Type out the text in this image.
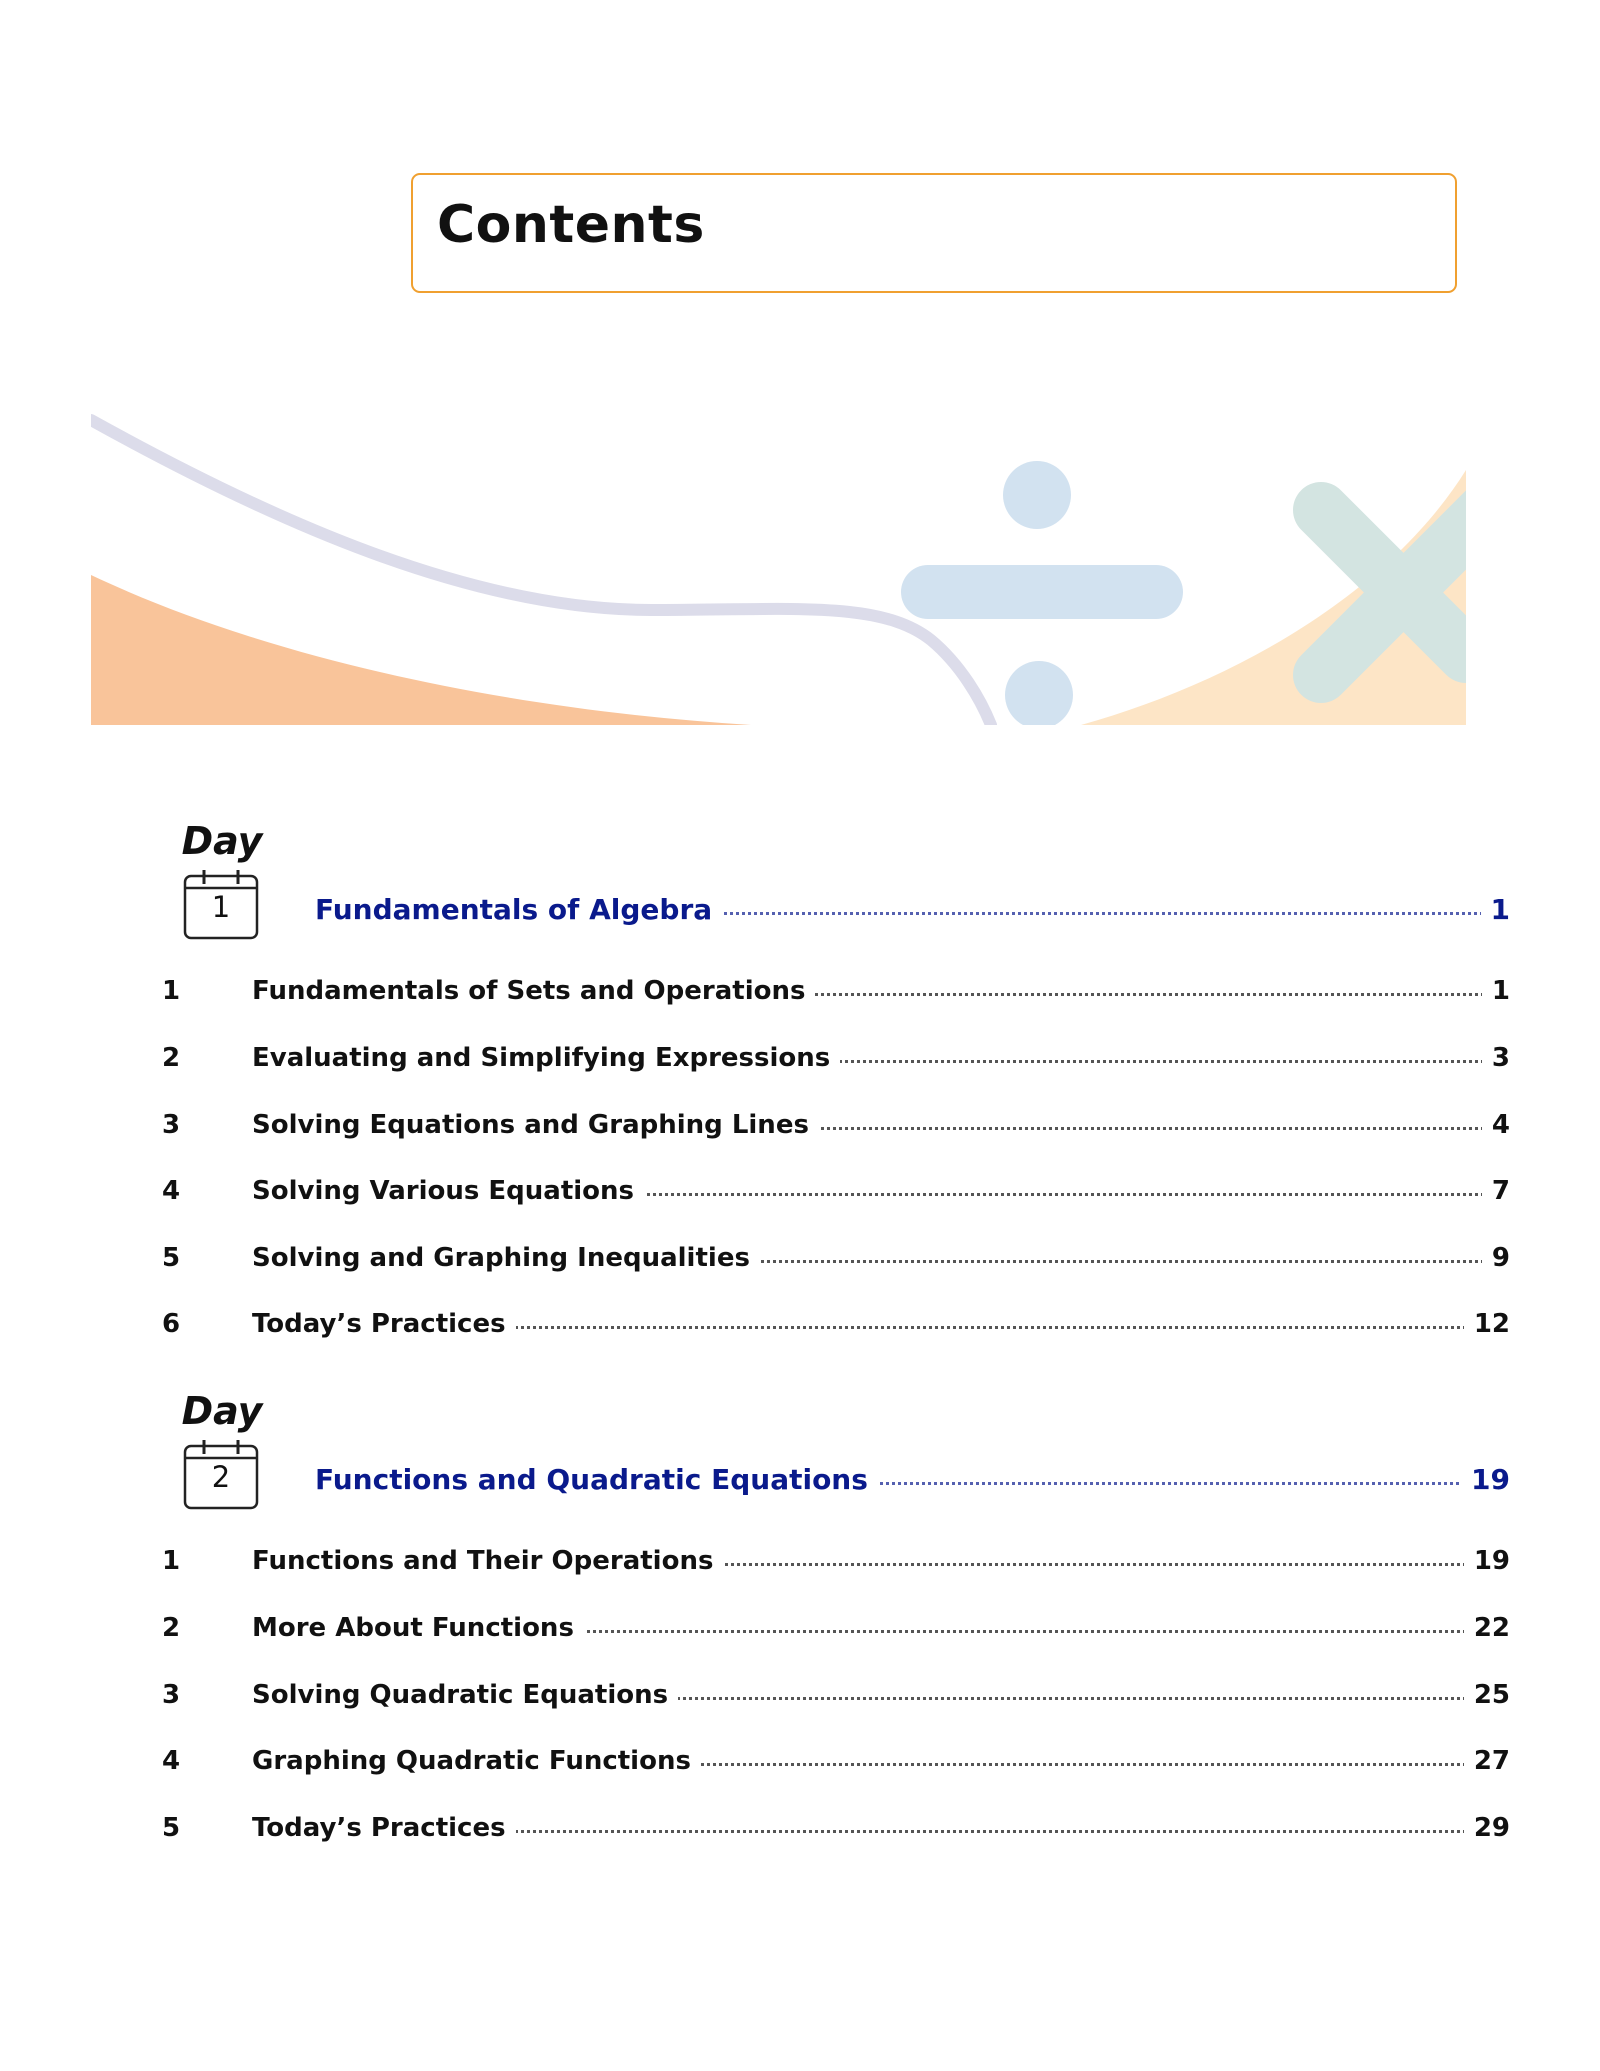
Contents
Day
1	Fundamentals of Algebra	1
1	Fundamentals of Sets and Operations	1
2	Evaluating and Simplifying Expressions	3
3	Solving Equations and Graphing Lines	4
4	Solving Various Equations	7
5	Solving and Graphing Inequalities	9
6	Today’s Practices	12
Day
2	Functions and Quadratic Equations	19
1	Functions and Their Operations	19
2	More About Functions	22
3	Solving Quadratic Equations	25
4	Graphing Quadratic Functions	27
5	Today’s Practices	29
